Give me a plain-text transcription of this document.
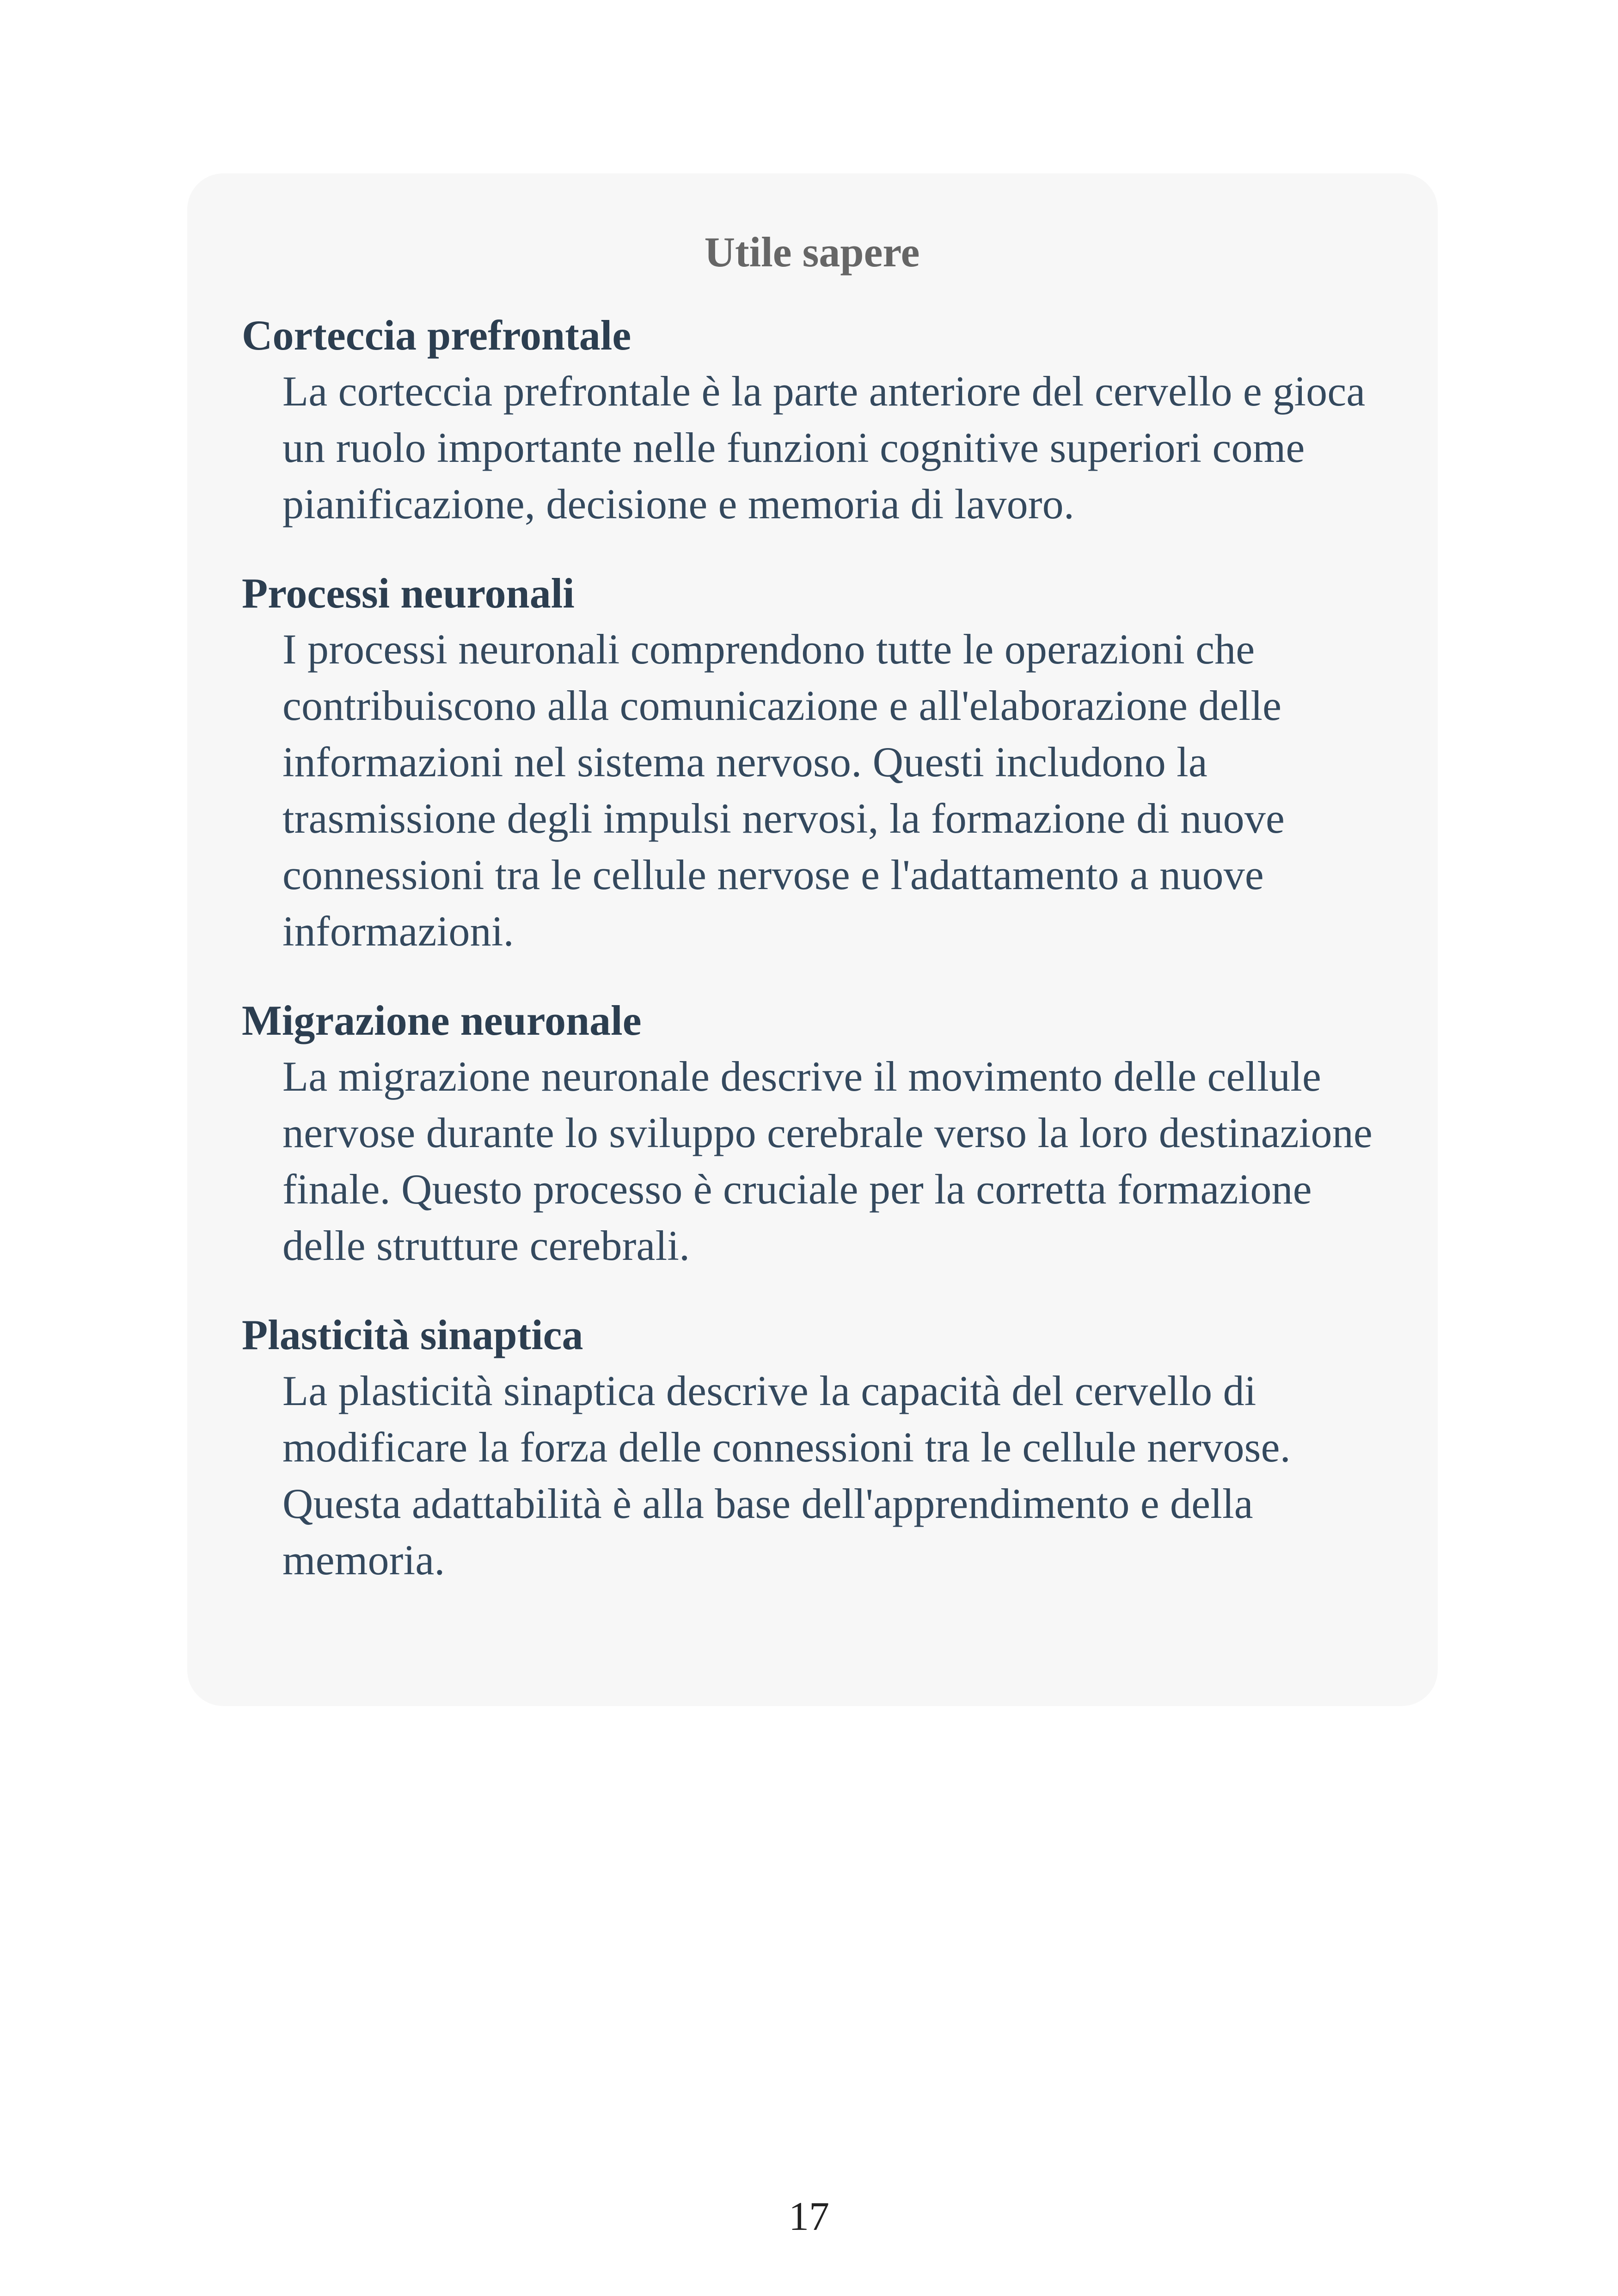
Utile sapere
Corteccia prefrontale
La corteccia prefrontale è la parte anteriore del cervello e gioca un ruolo importante nelle funzioni cognitive superiori come pianificazione, decisione e memoria di lavoro.
Processi neuronali
I processi neuronali comprendono tutte le operazioni che contribuiscono alla comunicazione e all'elaborazione delle informazioni nel sistema nervoso. Questi includono la trasmissione degli impulsi nervosi, la formazione di nuove connessioni tra le cellule nervose e l'adattamento a nuove informazioni.
Migrazione neuronale
La migrazione neuronale descrive il movimento delle cellule nervose durante lo sviluppo cerebrale verso la loro destinazione finale. Questo processo è cruciale per la corretta formazione delle strutture cerebrali.
Plasticità sinaptica
La plasticità sinaptica descrive la capacità del cervello di modificare la forza delle connessioni tra le cellule nervose. Questa adattabilità è alla base dell'apprendimento e della memoria.
17
